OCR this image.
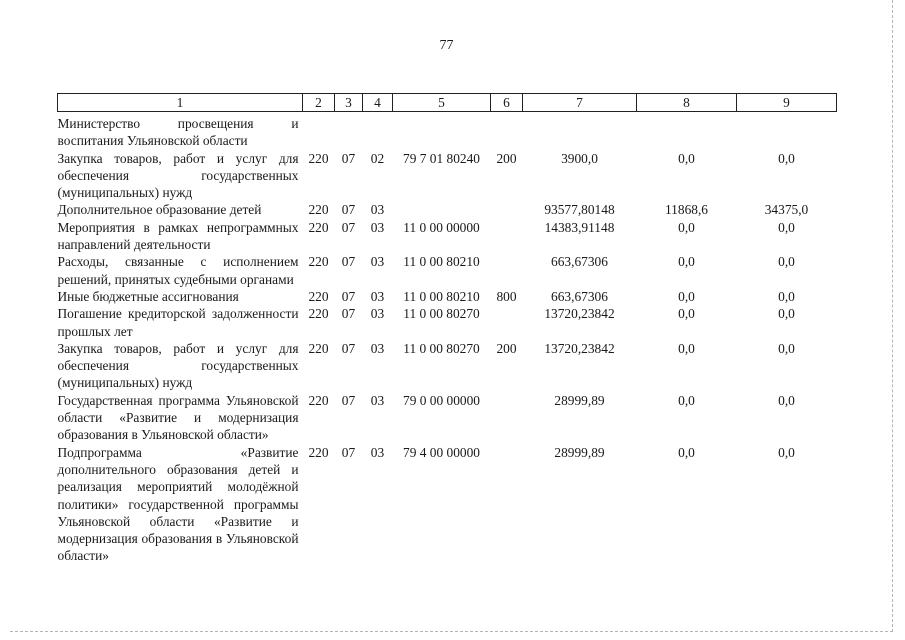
77
1	2	3	4	5	6	7	8	9
Министерство просвещения и воспитания Ульяновской области								
Закупка товаров, работ и услуг для обеспечения государственных (муниципальных) нужд	220	07	02	79 7 01 80240	200	3900,0	0,0	0,0
Дополнительное образование детей	220	07	03			93577,80148	11868,6	34375,0
Мероприятия в рамках непрограммных направлений деятельности	220	07	03	11 0 00 00000		14383,91148	0,0	0,0
Расходы, связанные с исполнением решений, принятых судебными органами	220	07	03	11 0 00 80210		663,67306	0,0	0,0
Иные бюджетные ассигнования	220	07	03	11 0 00 80210	800	663,67306	0,0	0,0
Погашение кредиторской задолженности прошлых лет	220	07	03	11 0 00 80270		13720,23842	0,0	0,0
Закупка товаров, работ и услуг для обеспечения государственных (муниципальных) нужд	220	07	03	11 0 00 80270	200	13720,23842	0,0	0,0
Государственная программа Ульяновской области «Развитие и модернизация образования в Ульяновской области»	220	07	03	79 0 00 00000		28999,89	0,0	0,0
Подпрограмма «Развитие дополнительного образования детей и реализация мероприятий молодёжной политики» государственной программы Ульяновской области «Развитие и модернизация образования в Ульяновской области»	220	07	03	79 4 00 00000		28999,89	0,0	0,0
